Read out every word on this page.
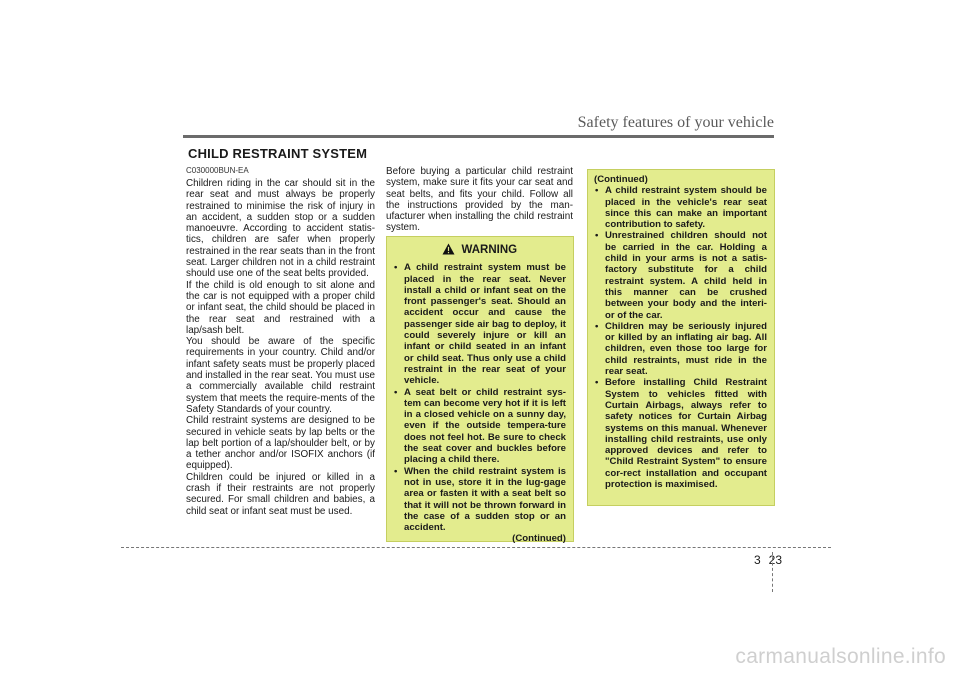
Safety features of your vehicle
CHILD RESTRAINT SYSTEM

C030000BUN-EA

Children riding in the car should sit in the rear seat and must always be properly restrained to minimise the risk of injury in an accident, a sudden stop or a sudden manoeuvre. According to accident statis-tics, children are safer when properly restrained in the rear seats than in the front seat. Larger children not in a child restraint should use one of the seat belts provided.

If the child is old enough to sit alone and the car is not equipped with a proper child or infant seat, the child should be placed in the rear seat and restrained with a lap/sash belt.

You should be aware of the specific requirements in your country. Child and/or infant safety seats must be properly placed and installed in the rear seat. You must use a commercially available child restraint system that meets the require-ments of the Safety Standards of your country.

Child restraint systems are designed to be secured in vehicle seats by lap belts or the lap belt portion of a lap/shoulder belt, or by a tether anchor and/or ISOFIX anchors (if equipped).

Children could be injured or killed in a crash if their restraints are not properly secured. For small children and babies, a child seat or infant seat must be used.

Before buying a particular child restraint system, make sure it fits your car seat and seat belts, and fits your child. Follow all the instructions provided by the man-ufacturer when installing the child restraint system.

WARNING
• A child restraint system must be placed in the rear seat. Never install a child or infant seat on the front passenger's seat. Should an accident occur and cause the passenger side air bag to deploy, it could severely injure or kill an infant or child seated in an infant or child seat. Thus only use a child restraint in the rear seat of your vehicle.
• A seat belt or child restraint sys-tem can become very hot if it is left in a closed vehicle on a sunny day, even if the outside tempera-ture does not feel hot. Be sure to check the seat cover and buckles before placing a child there.
• When the child restraint system is not in use, store it in the lug-gage area or fasten it with a seat belt so that it will not be thrown forward in the case of a sudden stop or an accident.
(Continued)
(Continued)
• A child restraint system should be placed in the vehicle's rear seat since this can make an important contribution to safety.
• Unrestrained children should not be carried in the car. Holding a child in your arms is not a satis-factory substitute for a child restraint system. A child held in this manner can be crushed between your body and the interi-or of the car.
• Children may be seriously injured or killed by an inflating air bag. All children, even those too large for child restraints, must ride in the rear seat.
• Before installing Child Restraint System to vehicles fitted with Curtain Airbags, always refer to safety notices for Curtain Airbag systems on this manual. Whenever installing child restraints, use only approved devices and refer to "Child Restraint System" to ensure cor-rect installation and occupant protection is maximised.
3 23
carmanualsonline.info
